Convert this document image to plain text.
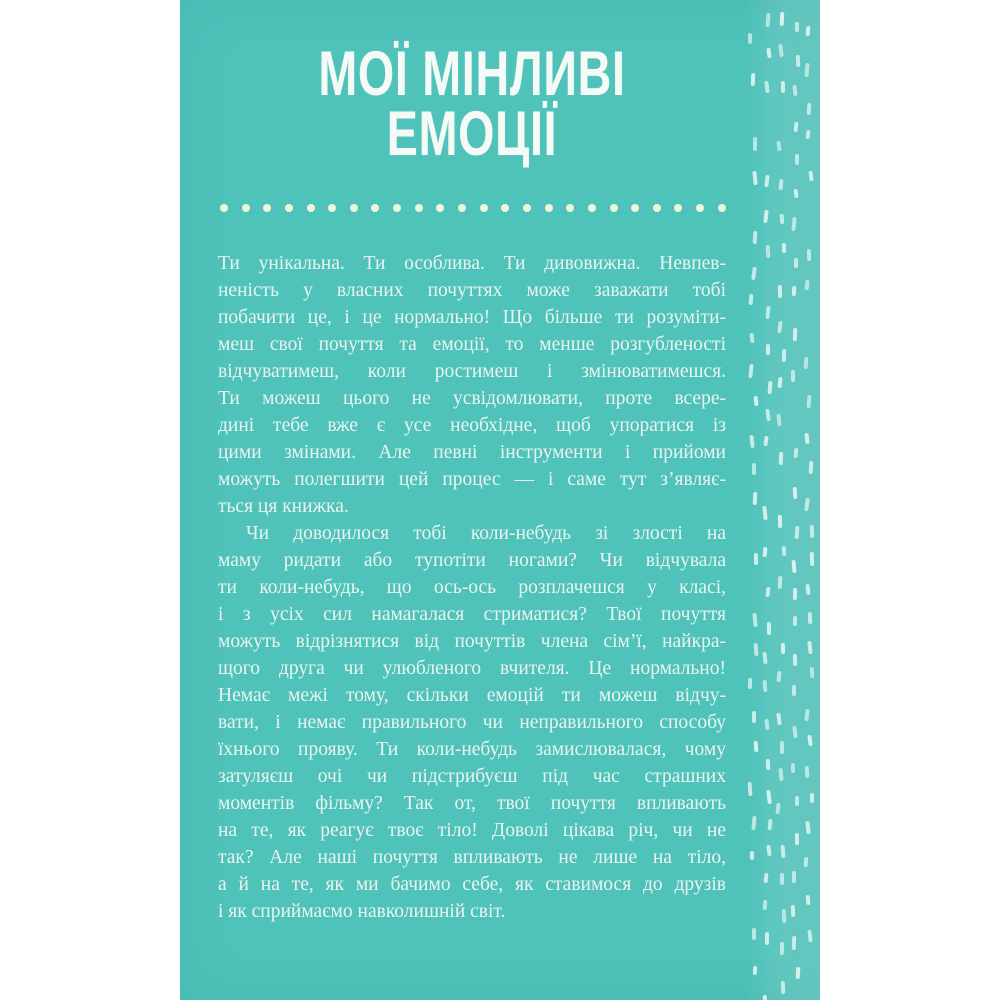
МОЇ МІНЛИВІ
ЕМОЦІЇ
Ти унікальна. Ти особлива. Ти дивовижна. Невпев-
неність у власних почуттях може заважати тобі
побачити це, і це нормально! Що більше ти розуміти-
меш свої почуття та емоції, то менше розгубленості
відчуватимеш, коли ростимеш і змінюватимешся.
Ти можеш цього не усвідомлювати, проте всере-
дині тебе вже є усе необхідне, щоб упоратися із
цими змінами. Але певні інструменти і прийоми
можуть полегшити цей процес — і саме тут з’являє-
ться ця книжка.
Чи доводилося тобі коли-небудь зі злості на
маму ридати або тупотіти ногами? Чи відчувала
ти коли-небудь, що ось-ось розплачешся у класі,
і з усіх сил намагалася стриматися? Твої почуття
можуть відрізнятися від почуттів члена сім’ї, найкра-
щого друга чи улюбленого вчителя. Це нормально!
Немає межі тому, скільки емоцій ти можеш відчу-
вати, і немає правильного чи неправильного способу
їхнього прояву. Ти коли-небудь замислювалася, чому
затуляєш очі чи підстрибуєш під час страшних
моментів фільму? Так от, твої почуття впливають
на те, як реагує твоє тіло! Доволі цікава річ, чи не
так? Але наші почуття впливають не лише на тіло,
а й на те, як ми бачимо себе, як ставимося до друзів
і як сприймаємо навколишній світ.
